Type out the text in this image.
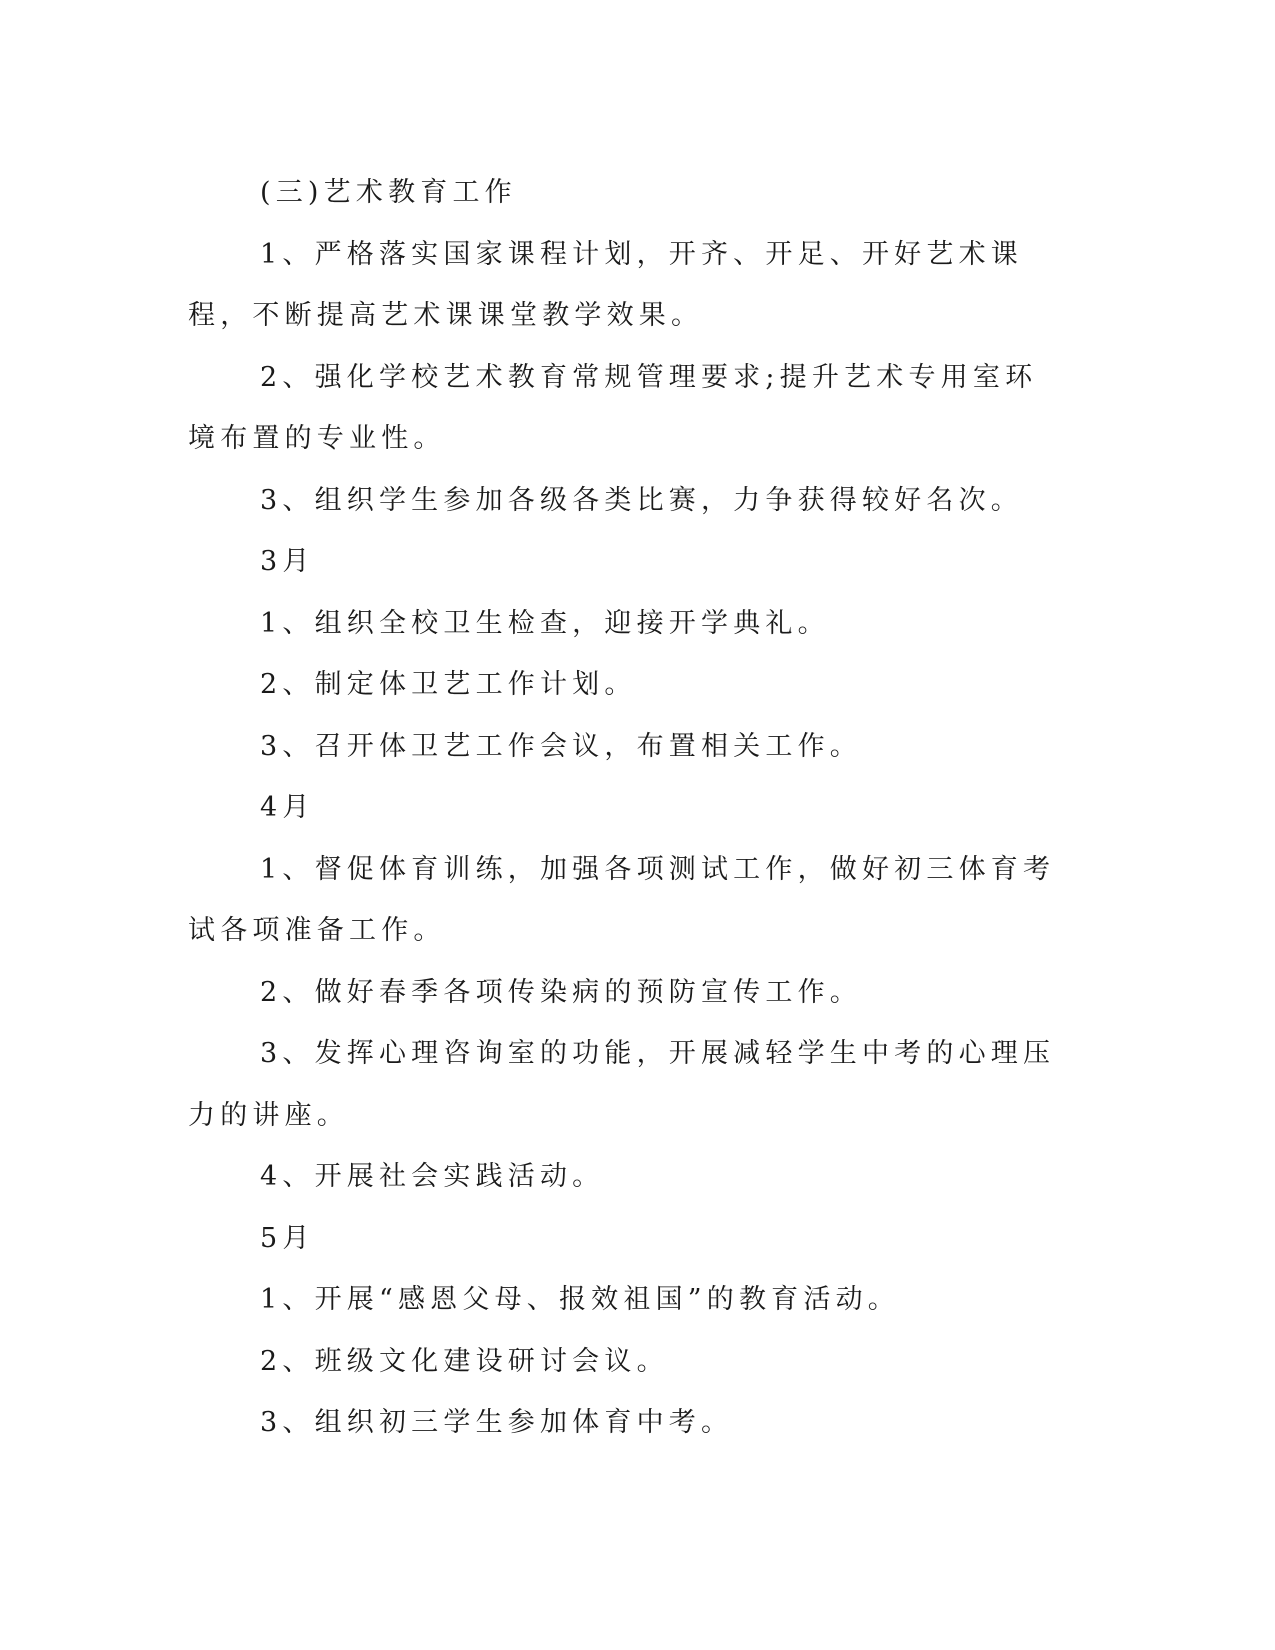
(三)艺术教育工作

1、严格落实国家课程计划，开齐、开足、开好艺术课程，不断提高艺术课课堂教学效果。

2、强化学校艺术教育常规管理要求;提升艺术专用室环境布置的专业性。

3、组织学生参加各级各类比赛，力争获得较好名次。

3月

1、组织全校卫生检查，迎接开学典礼。

2、制定体卫艺工作计划。

3、召开体卫艺工作会议，布置相关工作。

4月

1、督促体育训练，加强各项测试工作，做好初三体育考试各项准备工作。

2、做好春季各项传染病的预防宣传工作。

3、发挥心理咨询室的功能，开展减轻学生中考的心理压力的讲座。

4、开展社会实践活动。

5月

1、开展“感恩父母、报效祖国”的教育活动。

2、班级文化建设研讨会议。

3、组织初三学生参加体育中考。
